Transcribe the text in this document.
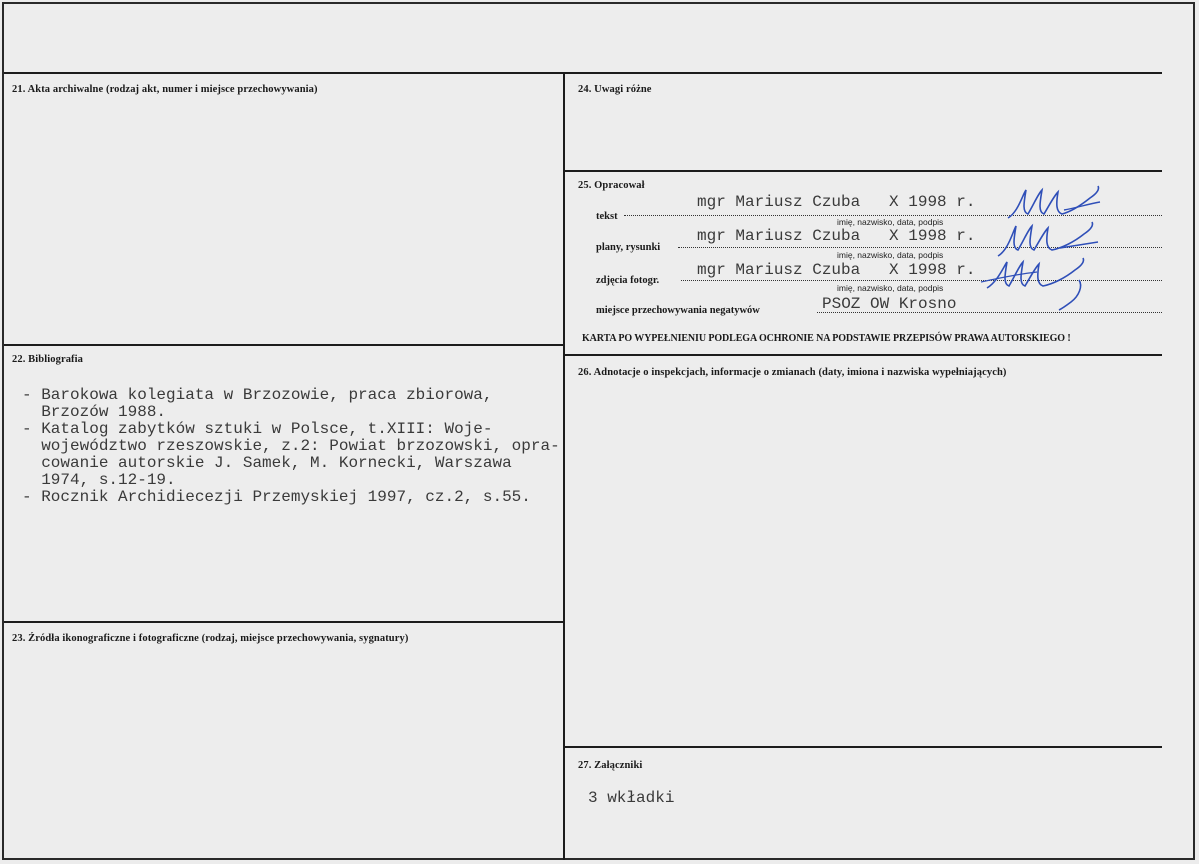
21. Akta archiwalne (rodzaj akt, numer i miejsce przechowywania)
22. Bibliografia
- Barokowa kolegiata w Brzozowie, praca zbiorowa,
Brzozów 1988.
- Katalog zabytków sztuki w Polsce, t.XIII: Woje-
województwo rzeszowskie, z.2: Powiat brzozowski, opra-
cowanie autorskie J. Samek, M. Kornecki, Warszawa
1974, s.12-19.
- Rocznik Archidiecezji Przemyskiej 1997, cz.2, s.55.
23. Źródła ikonograficzne i fotograficzne (rodzaj, miejsce przechowywania, sygnatury)
24. Uwagi różne
25. Opracował
tekst
mgr Mariusz Czuba   X 1998 r.
imię, nazwisko, data, podpis
plany, rysunki
mgr Mariusz Czuba   X 1998 r.
imię, nazwisko, data, podpis
zdjęcia fotogr.
mgr Mariusz Czuba   X 1998 r.
imię, nazwisko, data, podpis
miejsce przechowywania negatywów	PSOZ OW Krosno
KARTA PO WYPEŁNIENIU PODLEGA OCHRONIE NA PODSTAWIE PRZEPISÓW PRAWA AUTORSKIEGO !
26. Adnotacje o inspekcjach, informacje o zmianach (daty, imiona i nazwiska wypełniających)
27. Załączniki
3 wkładki
